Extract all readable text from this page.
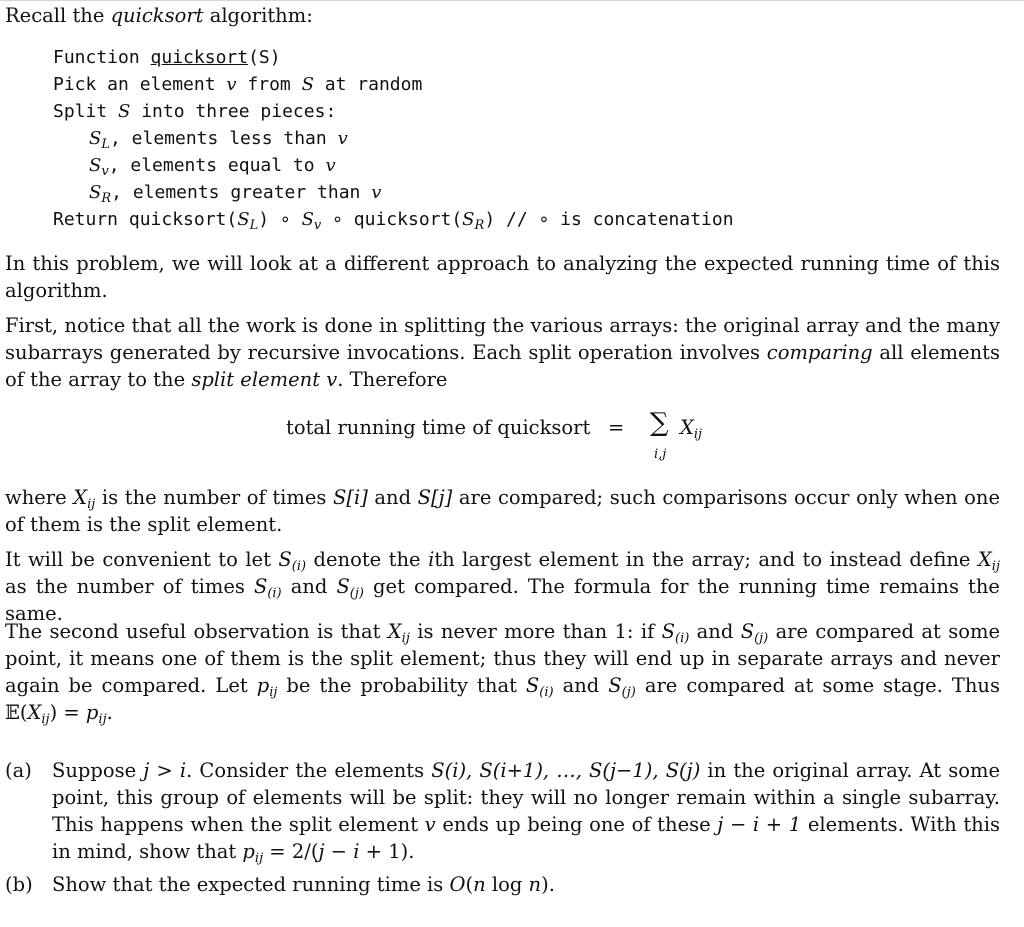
Recall the quicksort algorithm:
Function quicksort(S)
Pick an element v from S at random
Split S into three pieces:
$S_L$, elements less than v
$S_v$, elements equal to v
$S_R$, elements greater than v
Return $quicksort(S_L)$ ∘ $S_v$ ∘ $quicksort(S_R)$ // ∘ is concatenation
In this problem, we will look at a different approach to analyzing the expected running time of this algorithm.
First, notice that all the work is done in splitting the various arrays: the original array and the many subarrays generated by recursive invocations. Each split operation involves comparing all elements of the array to the split element v. Therefore
total running time of quicksort = ∑
i,j
$X_{ij}$
where $X_{ij}$ is the number of times S[i] and S[j] are compared; such comparisons occur only when one of them is the split element.
It will be convenient to let $S_{(i)}$ denote the ith largest element in the array; and to instead define $X_{ij}$ as the number of times $S_{(i)}$ and $S_{(j)}$ get compared. The formula for the running time remains the same.
The second useful observation is that $X_{ij}$ is never more than 1: if $S_{(i)}$ and $S_{(j)}$ are compared at some point, it means one of them is the split element; thus they will end up in separate arrays and never again be compared. Let $p_{ij}$ be the probability that $S_{(i)}$ and $S_{(j)}$ are compared at some stage. Thus $𝔼(X_{ij}) = p_{ij}$.
(a) Suppose j > i. Consider the elements S(i), S(i+1), …, S(j−1), S(j) in the original array. At some point, this group of elements will be split: they will no longer remain within a single subarray. This happens when the split element v ends up being one of these j − i + 1 elements. With this in mind, show that $p_{ij} = 2/(j - i + 1)$.
(b) Show that the expected running time is O(n log n).
